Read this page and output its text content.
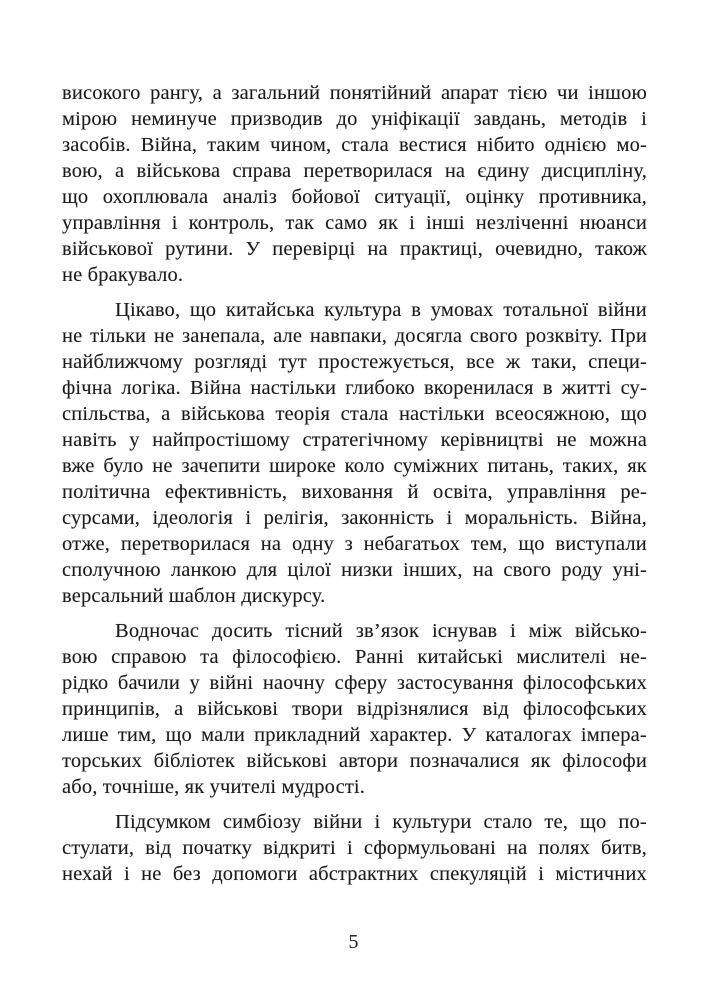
високого рангу, а загальний понятійний апарат тією чи іншою
мірою неминуче призводив до уніфікації завдань, методів і
засобів. Війна, таким чином, стала вестися нібито однією мо-
вою, а військова справа перетворилася на єдину дисципліну,
що охоплювала аналіз бойової ситуації, оцінку противника,
управління і контроль, так само як і інші незліченні нюанси
військової рутини. У перевірці на практиці, очевидно, також
не бракувало.
Цікаво, що китайська культура в умовах тотальної війни
не тільки не занепала, але навпаки, досягла свого розквіту. При
найближчому розгляді тут простежується, все ж таки, специ-
фічна логіка. Війна настільки глибоко вкоренилася в житті су-
спільства, а військова теорія стала настільки всеосяжною, що
навіть у найпростішому стратегічному керівництві не можна
вже було не зачепити широке коло суміжних питань, таких, як
політична ефективність, виховання й освіта, управління ре-
сурсами, ідеологія і релігія, законність і моральність. Війна,
отже, перетворилася на одну з небагатьох тем, що виступали
сполучною ланкою для цілої низки інших, на свого роду уні-
версальний шаблон дискурсу.
Водночас досить тісний зв’язок існував і між військо-
вою справою та філософією. Ранні китайські мислителі не-
рідко бачили у війні наочну сферу застосування філософських
принципів, а військові твори відрізнялися від філософських
лише тим, що мали прикладний характер. У каталогах імпера-
торських бібліотек військові автори позначалися як філософи
або, точніше, як учителі мудрості.
Підсумком симбіозу війни і культури стало те, що по-
стулати, від початку відкриті і сформульовані на полях битв,
нехай і не без допомоги абстрактних спекуляцій і містичних
5
